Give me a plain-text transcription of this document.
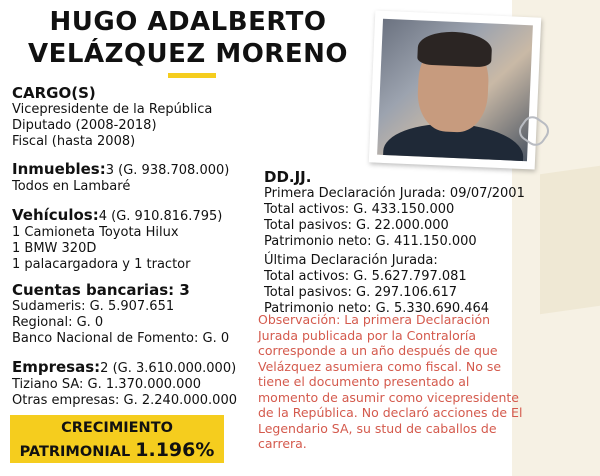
HUGO ADALBERTO
VELÁZQUEZ MORENO
CARGO(S)
Vicepresidente de la República
Diputado (2008-2018)
Fiscal (hasta 2008)
Inmuebles:3 (G. 938.708.000)
Todos en Lambaré
Vehículos:4 (G. 910.816.795)
1 Camioneta Toyota Hilux
1 BMW 320D
1 palacargadora y 1 tractor
Cuentas bancarias: 3
Sudameris: G. 5.907.651
Regional: G. 0
Banco Nacional de Fomento: G. 0
Empresas:2 (G. 3.610.000.000)
Tiziano SA: G. 1.370.000.000
Otras empresas: G. 2.240.000.000
CRECIMIENTO
PATRIMONIAL 1.196%
DD.JJ.
Primera Declaración Jurada: 09/07/2001
Total activos: G. 433.150.000
Total pasivos: G. 22.000.000
Patrimonio neto: G. 411.150.000
Última Declaración Jurada:
Total activos: G. 5.627.797.081
Total pasivos: G. 297.106.617
Patrimonio neto: G. 5.330.690.464
Observación: La primera Declaración Jurada publicada por la Contraloría corresponde a un año después de que Velázquez asumiera como fiscal. No se tiene el documento presentado al momento de asumir como vicepresidente de la República. No declaró acciones de El Legendario SA, su stud de caballos de carrera.
